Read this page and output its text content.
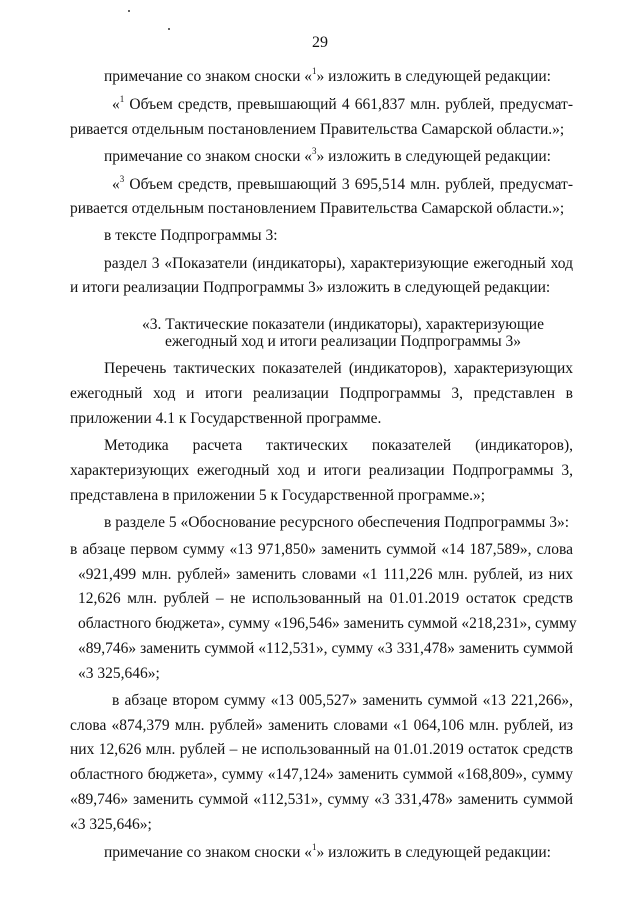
29
примечание со знаком сноски «$^1$» изложить в следующей редакции:
«$^1$ Объем средств, превышающий 4 661,837 млн. рублей, предусмат-
ривается отдельным постановлением Правительства Самарской области.»;
примечание со знаком сноски «$^3$» изложить в следующей редакции:
«$^3$ Объем средств, превышающий 3 695,514 млн. рублей, предусмат-
ривается отдельным постановлением Правительства Самарской области.»;
в тексте Подпрограммы 3:
раздел 3 «Показатели (индикаторы), характеризующие ежегодный ход
и итоги реализации Подпрограммы 3» изложить в следующей редакции:
«3. Тактические показатели (индикаторы), характеризующие
ежегодный ход и итоги реализации Подпрограммы 3»
Перечень тактических показателей (индикаторов), характеризующих
ежегодный ход и итоги реализации Подпрограммы 3, представлен в
приложении 4.1 к Государственной программе.
Методика расчета тактических показателей (индикаторов),
характеризующих ежегодный ход и итоги реализации Подпрограммы 3,
представлена в приложении 5 к Государственной программе.»;
в разделе 5 «Обоснование ресурсного обеспечения Подпрограммы 3»:
в абзаце первом сумму «13 971,850» заменить суммой «14 187,589», слова
«921,499 млн. рублей» заменить словами «1 111,226 млн. рублей, из них
12,626 млн. рублей – не использованный на 01.01.2019 остаток средств
областного бюджета», сумму «196,546» заменить суммой «218,231», сумму
«89,746» заменить суммой «112,531», сумму «3 331,478» заменить суммой
«3 325,646»;
в абзаце втором сумму «13 005,527» заменить суммой «13 221,266»,
слова «874,379 млн. рублей» заменить словами «1 064,106 млн. рублей, из
них 12,626 млн. рублей – не использованный на 01.01.2019 остаток средств
областного бюджета», сумму «147,124» заменить суммой «168,809», сумму
«89,746» заменить суммой «112,531», сумму «3 331,478» заменить суммой
«3 325,646»;
примечание со знаком сноски «$^1$» изложить в следующей редакции:
